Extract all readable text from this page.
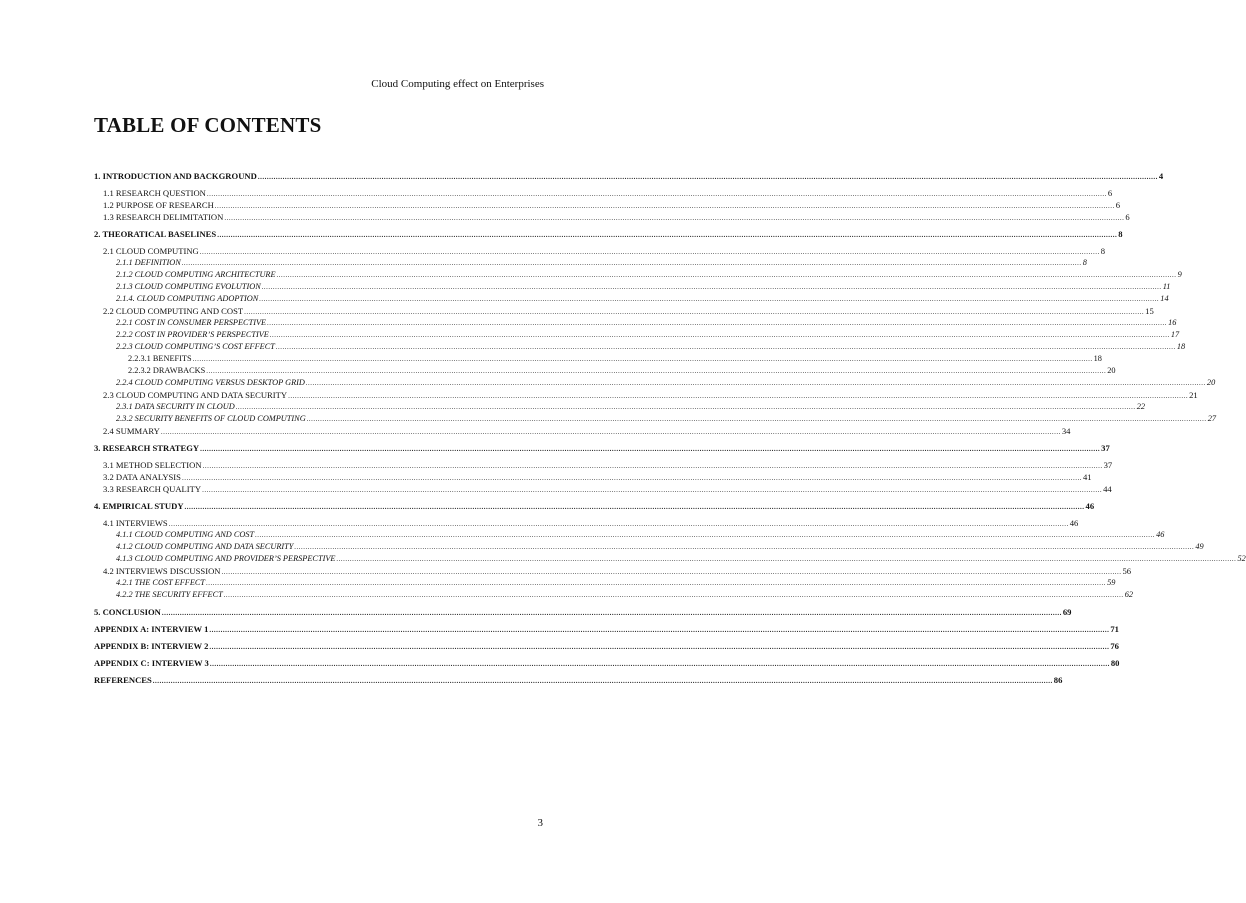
Cloud Computing effect on Enterprises
TABLE OF CONTENTS
1. INTRODUCTION AND BACKGROUND ................................................................................................................................................................................................................................................................................................................................................................................................................ 4
1.1 RESEARCH QUESTION ................................................................................................................................................................................................................................................................................................................................................................................................................ 6
1.2 PURPOSE OF RESEARCH ................................................................................................................................................................................................................................................................................................................................................................................................................ 6
1.3 RESEARCH DELIMITATION ................................................................................................................................................................................................................................................................................................................................................................................................................ 6
2. THEORATICAL BASELINES ................................................................................................................................................................................................................................................................................................................................................................................................................ 8
2.1 CLOUD COMPUTING ................................................................................................................................................................................................................................................................................................................................................................................................................ 8
2.1.1 DEFINITION ................................................................................................................................................................................................................................................................................................................................................................................................................ 8
2.1.2 CLOUD COMPUTING ARCHITECTURE ................................................................................................................................................................................................................................................................................................................................................................................................................ 9
2.1.3 CLOUD COMPUTING EVOLUTION ................................................................................................................................................................................................................................................................................................................................................................................................................ 11
2.1.4. CLOUD COMPUTING ADOPTION ................................................................................................................................................................................................................................................................................................................................................................................................................ 14
2.2 CLOUD COMPUTING AND COST ................................................................................................................................................................................................................................................................................................................................................................................................................ 15
2.2.1 COST IN CONSUMER PERSPECTIVE ................................................................................................................................................................................................................................................................................................................................................................................................................ 16
2.2.2 COST IN PROVIDER’S PERSPECTIVE ................................................................................................................................................................................................................................................................................................................................................................................................................ 17
2.2.3 CLOUD COMPUTING’S COST EFFECT ................................................................................................................................................................................................................................................................................................................................................................................................................ 18
2.2.3.1 BENEFITS ................................................................................................................................................................................................................................................................................................................................................................................................................ 18
2.2.3.2 DRAWBACKS ................................................................................................................................................................................................................................................................................................................................................................................................................ 20
2.2.4 CLOUD COMPUTING VERSUS DESKTOP GRID ................................................................................................................................................................................................................................................................................................................................................................................................................ 20
2.3 CLOUD COMPUTING AND DATA SECURITY ................................................................................................................................................................................................................................................................................................................................................................................................................ 21
2.3.1 DATA SECURITY IN CLOUD ................................................................................................................................................................................................................................................................................................................................................................................................................ 22
2.3.2 SECURITY BENEFITS OF CLOUD COMPUTING ................................................................................................................................................................................................................................................................................................................................................................................................................ 27
2.4 SUMMARY ................................................................................................................................................................................................................................................................................................................................................................................................................ 34
3. RESEARCH STRATEGY ................................................................................................................................................................................................................................................................................................................................................................................................................ 37
3.1 METHOD SELECTION ................................................................................................................................................................................................................................................................................................................................................................................................................ 37
3.2 DATA ANALYSIS ................................................................................................................................................................................................................................................................................................................................................................................................................ 41
3.3 RESEARCH QUALITY ................................................................................................................................................................................................................................................................................................................................................................................................................ 44
4. EMPIRICAL STUDY ................................................................................................................................................................................................................................................................................................................................................................................................................ 46
4.1 INTERVIEWS ................................................................................................................................................................................................................................................................................................................................................................................................................ 46
4.1.1 CLOUD COMPUTING AND COST ................................................................................................................................................................................................................................................................................................................................................................................................................ 46
4.1.2 CLOUD COMPUTING AND DATA SECURITY ................................................................................................................................................................................................................................................................................................................................................................................................................ 49
4.1.3 CLOUD COMPUTING AND PROVIDER’S PERSPECTIVE ................................................................................................................................................................................................................................................................................................................................................................................................................ 52
4.2 INTERVIEWS DISCUSSION ................................................................................................................................................................................................................................................................................................................................................................................................................ 56
4.2.1 THE COST EFFECT ................................................................................................................................................................................................................................................................................................................................................................................................................ 59
4.2.2 THE SECURITY EFFECT ................................................................................................................................................................................................................................................................................................................................................................................................................ 62
5. CONCLUSION ................................................................................................................................................................................................................................................................................................................................................................................................................ 69
APPENDIX A: INTERVIEW 1 ................................................................................................................................................................................................................................................................................................................................................................................................................ 71
APPENDIX B: INTERVIEW 2 ................................................................................................................................................................................................................................................................................................................................................................................................................ 76
APPENDIX C: INTERVIEW 3 ................................................................................................................................................................................................................................................................................................................................................................................................................ 80
REFERENCES ................................................................................................................................................................................................................................................................................................................................................................................................................ 86
3
